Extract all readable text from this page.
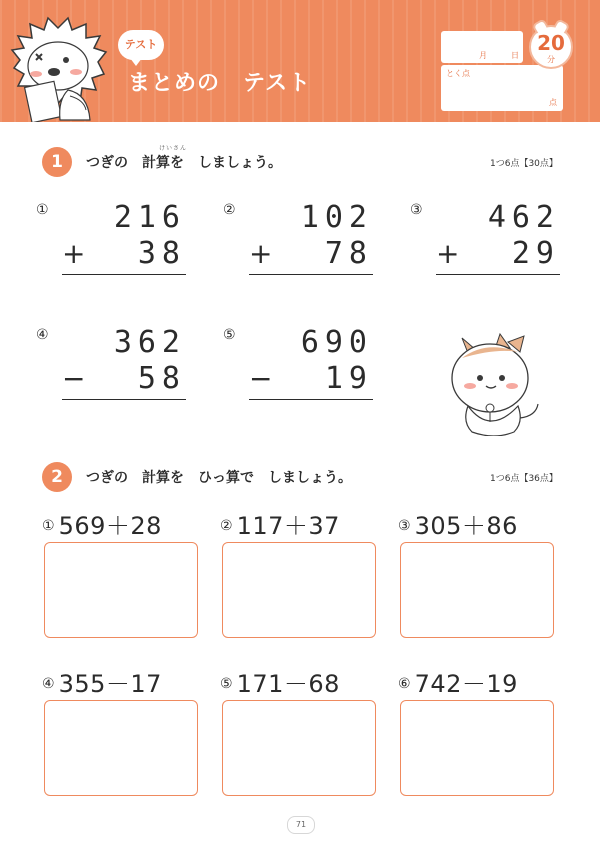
テスト
まとめの　テスト
月	日
とく点
点
20
分
1
けいさん
つぎの　計算を　しましょう。	1つ6点【30点】
①	216
+	38
②	102
+	78
③	462
+	29
④	362
−	58
⑤	690
−	19
2	つぎの　計算を　ひっ算で　しましょう。	1つ6点【36点】
① 569＋28	② 117＋37	③ 305＋86
④ 355－17	⑤ 171－68	⑥ 742－19
71
